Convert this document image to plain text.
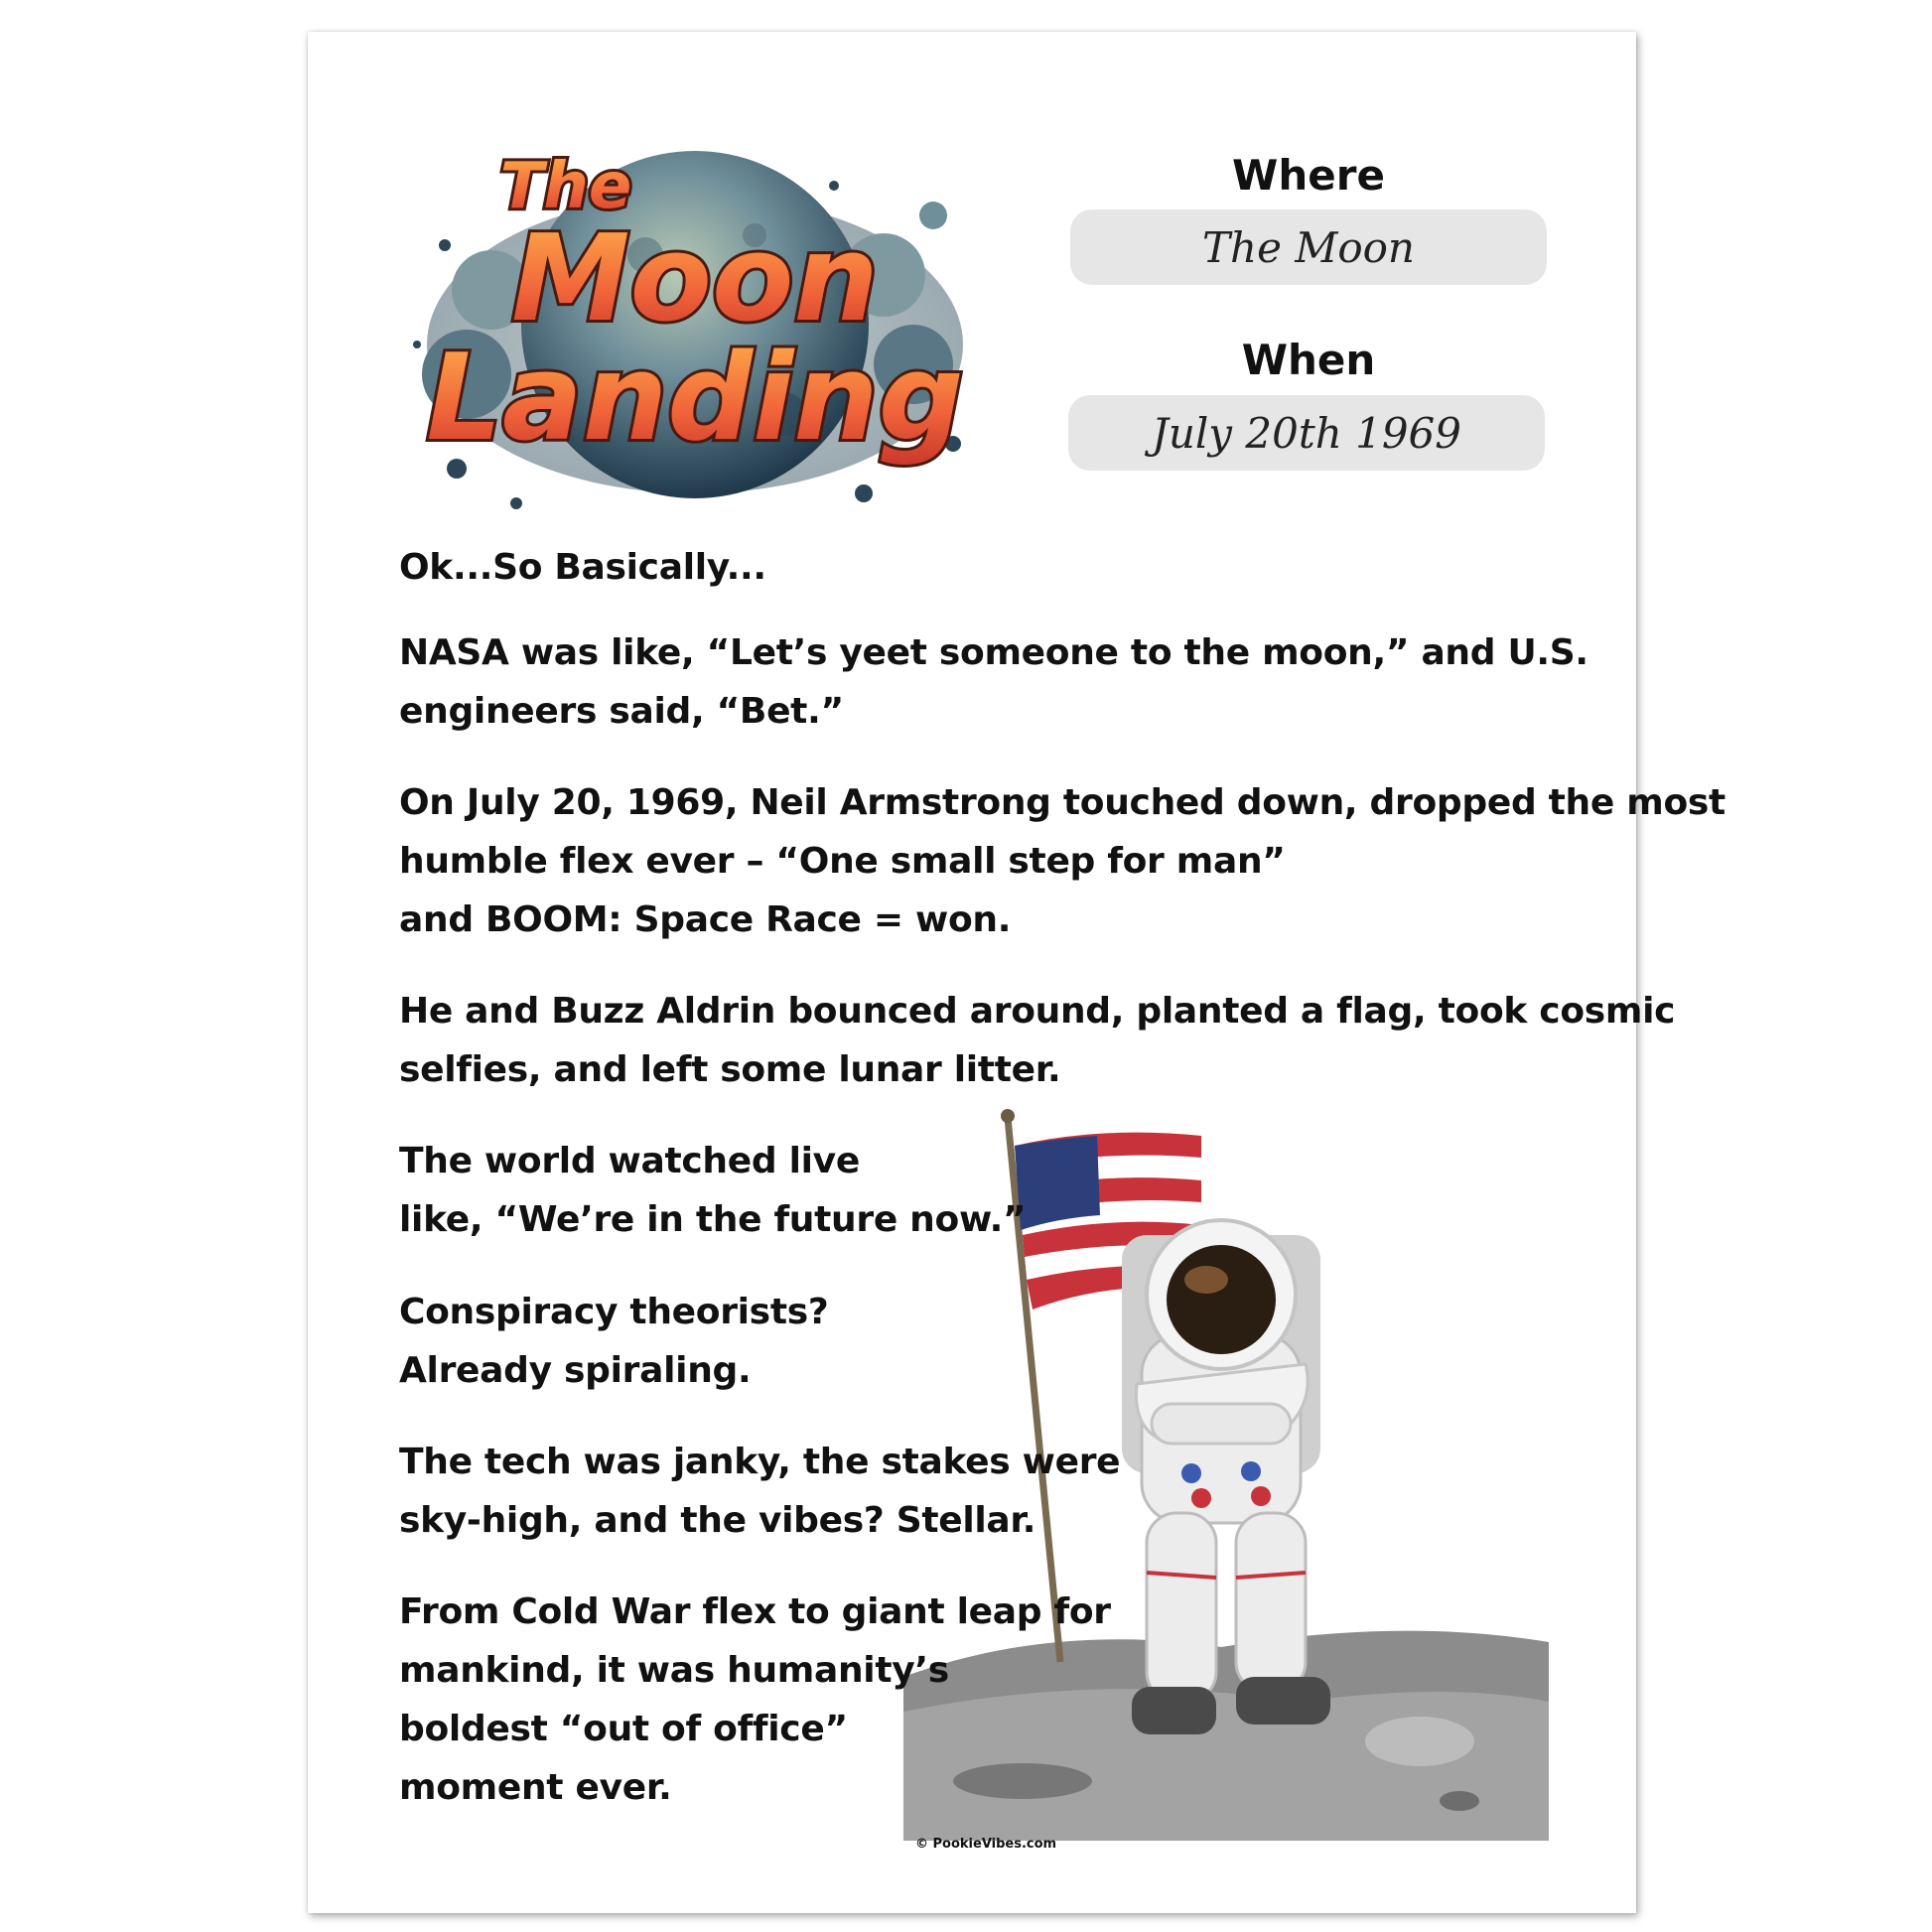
The
Moon
Landing
Where
The Moon
When
July 20th 1969
Ok...So Basically...
NASA was like, “Let’s yeet someone to the moon,” and U.S.
engineers said, “Bet.”
On July 20, 1969, Neil Armstrong touched down, dropped the most
humble flex ever – “One small step for man”
and BOOM: Space Race = won.
He and Buzz Aldrin bounced around, planted a flag, took cosmic
selfies, and left some lunar litter.
The world watched live
like, “We’re in the future now.”
Conspiracy theorists?
Already spiraling.
The tech was janky, the stakes were
sky-high, and the vibes? Stellar.
From Cold War flex to giant leap for
mankind, it was humanity’s
boldest “out of office”
moment ever.
© PookieVibes.com
